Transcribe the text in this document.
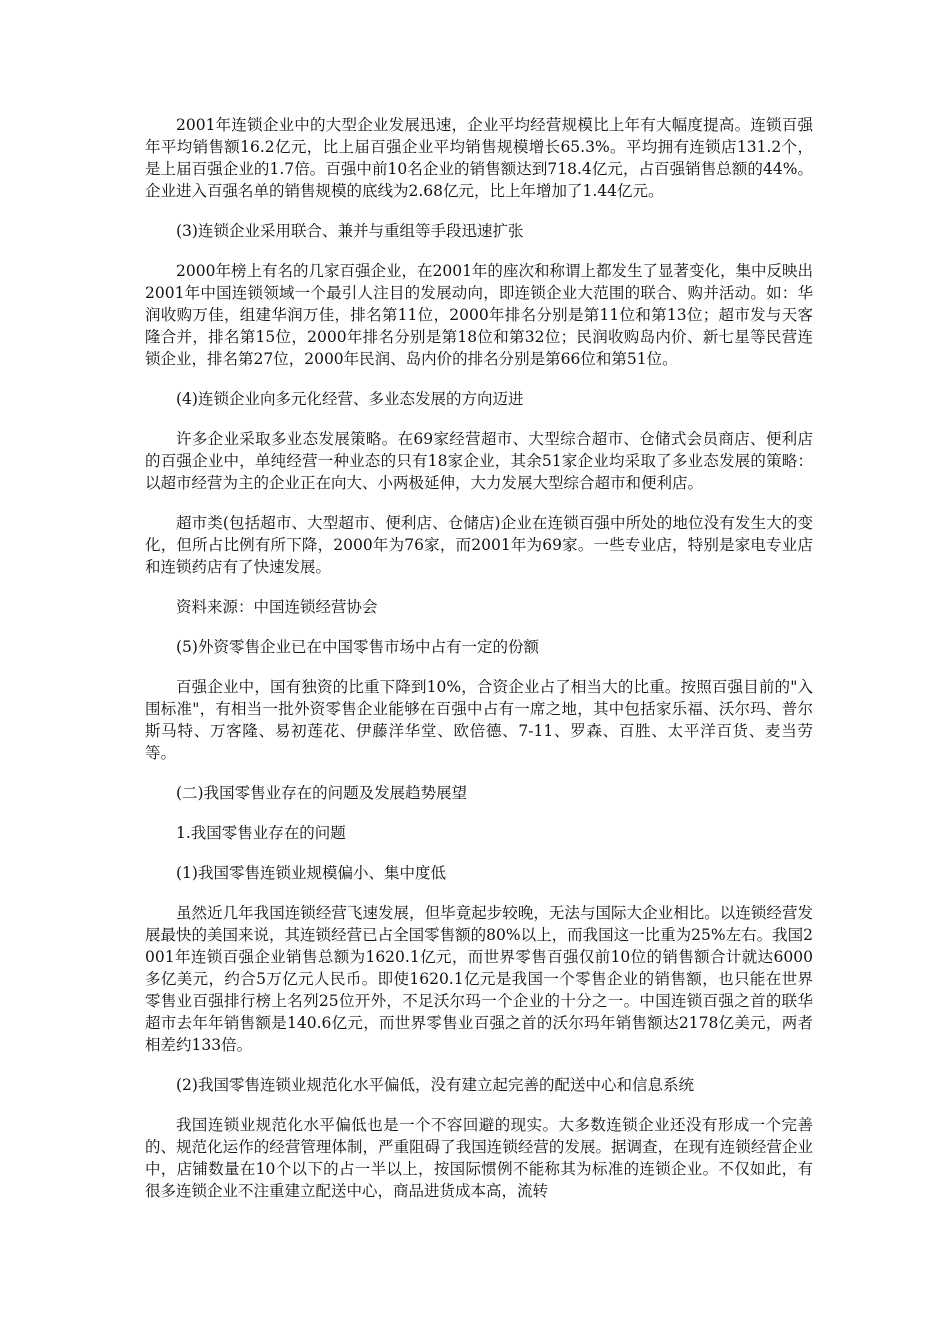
2001年连锁企业中的大型企业发展迅速，企业平均经营规模比上年有大幅度提高。连锁百强年平均销售额16.2亿元，比上届百强企业平均销售规模增长65.3%。平均拥有连锁店131.2个，是上届百强企业的1.7倍。百强中前10名企业的销售额达到718.4亿元，占百强销售总额的44%。企业进入百强名单的销售规模的底线为2.68亿元，比上年增加了1.44亿元。

(3)连锁企业采用联合、兼并与重组等手段迅速扩张

2000年榜上有名的几家百强企业，在2001年的座次和称谓上都发生了显著变化，集中反映出2001年中国连锁领域一个最引人注目的发展动向，即连锁企业大范围的联合、购并活动。如：华润收购万佳，组建华润万佳，排名第11位，2000年排名分别是第11位和第13位；超市发与天客隆合并，排名第15位，2000年排名分别是第18位和第32位；民润收购岛内价、新七星等民营连锁企业，排名第27位，2000年民润、岛内价的排名分别是第66位和第51位。

(4)连锁企业向多元化经营、多业态发展的方向迈进

许多企业采取多业态发展策略。在69家经营超市、大型综合超市、仓储式会员商店、便利店的百强企业中，单纯经营一种业态的只有18家企业，其余51家企业均采取了多业态发展的策略：以超市经营为主的企业正在向大、小两极延伸，大力发展大型综合超市和便利店。

超市类(包括超市、大型超市、便利店、仓储店)企业在连锁百强中所处的地位没有发生大的变化，但所占比例有所下降，2000年为76家，而2001年为69家。一些专业店，特别是家电专业店和连锁药店有了快速发展。

资料来源：中国连锁经营协会

(5)外资零售企业已在中国零售市场中占有一定的份额

百强企业中，国有独资的比重下降到10%，合资企业占了相当大的比重。按照百强目前的"入围标准"，有相当一批外资零售企业能够在百强中占有一席之地，其中包括家乐福、沃尔玛、普尔斯马特、万客隆、易初莲花、伊藤洋华堂、欧倍德、7-11、罗森、百胜、太平洋百货、麦当劳等。

(二)我国零售业存在的问题及发展趋势展望

1.我国零售业存在的问题

(1)我国零售连锁业规模偏小、集中度低

虽然近几年我国连锁经营飞速发展，但毕竟起步较晚，无法与国际大企业相比。以连锁经营发展最快的美国来说，其连锁经营已占全国零售额的80%以上，而我国这一比重为25%左右。我国2001年连锁百强企业销售总额为1620.1亿元，而世界零售百强仅前10位的销售额合计就达6000多亿美元，约合5万亿元人民币。即使1620.1亿元是我国一个零售企业的销售额，也只能在世界零售业百强排行榜上名列25位开外，不足沃尔玛一个企业的十分之一。中国连锁百强之首的联华超市去年年销售额是140.6亿元，而世界零售业百强之首的沃尔玛年销售额达2178亿美元，两者相差约133倍。

(2)我国零售连锁业规范化水平偏低，没有建立起完善的配送中心和信息系统

我国连锁业规范化水平偏低也是一个不容回避的现实。大多数连锁企业还没有形成一个完善的、规范化运作的经营管理体制，严重阻碍了我国连锁经营的发展。据调查，在现有连锁经营企业中，店铺数量在10个以下的占一半以上，按国际惯例不能称其为标准的连锁企业。不仅如此，有很多连锁企业不注重建立配送中心，商品进货成本高，流转
